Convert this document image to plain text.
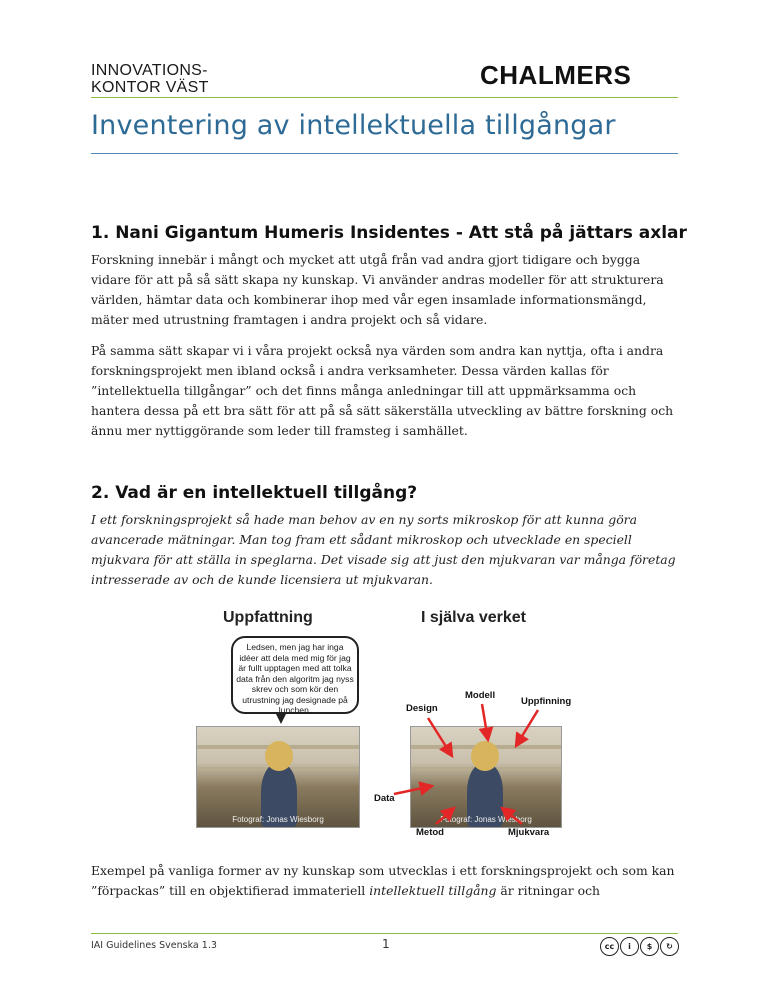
INNOVATIONS-
KONTOR VÄST	CHALMERS
Inventering av intellektuella tillgångar
1. Nani Gigantum Humeris Insidentes - Att stå på jättars axlar

Forskning innebär i mångt och mycket att utgå från vad andra gjort tidigare och bygga vidare för att på så sätt skapa ny kunskap. Vi använder andras modeller för att strukturera världen, hämtar data och kombinerar ihop med vår egen insamlade informationsmängd, mäter med utrustning framtagen i andra projekt och så vidare.

På samma sätt skapar vi i våra projekt också nya värden som andra kan nyttja, ofta i andra forskningsprojekt men ibland också i andra verksamheter. Dessa värden kallas för ”intellektuella tillgångar” och det finns många anledningar till att uppmärksamma och hantera dessa på ett bra sätt för att på så sätt säkerställa utveckling av bättre forskning och ännu mer nyttiggörande som leder till framsteg i samhället.

2. Vad är en intellektuell tillgång?

I ett forskningsprojekt så hade man behov av en ny sorts mikroskop för att kunna göra avancerade mätningar. Man tog fram ett sådant mikroskop och utvecklade en speciell mjukvara för att ställa in speglarna. Det visade sig att just den mjukvaran var många företag intresserade av och de kunde licensiera ut mjukvaran.

Uppfattning	I själva verket
Ledsen, men jag har inga idéer att dela med mig för jag är fullt upptagen med att tolka data från den algoritm jag nyss skrev och som kör den utrustning jag designade på lunchen.
Fotograf: Jonas Wiesborg	Fotograf: Jonas Wiesborg
Design
Modell
Uppfinning
Data
Metod	Mjukvara

Exempel på vanliga former av ny kunskap som utvecklas i ett forskningsprojekt och som kan ”förpackas” till en objektifierad immateriell intellektuell tillgång är ritningar och

IAI Guidelines Svenska 1.3	1	cc	i	$	↻
